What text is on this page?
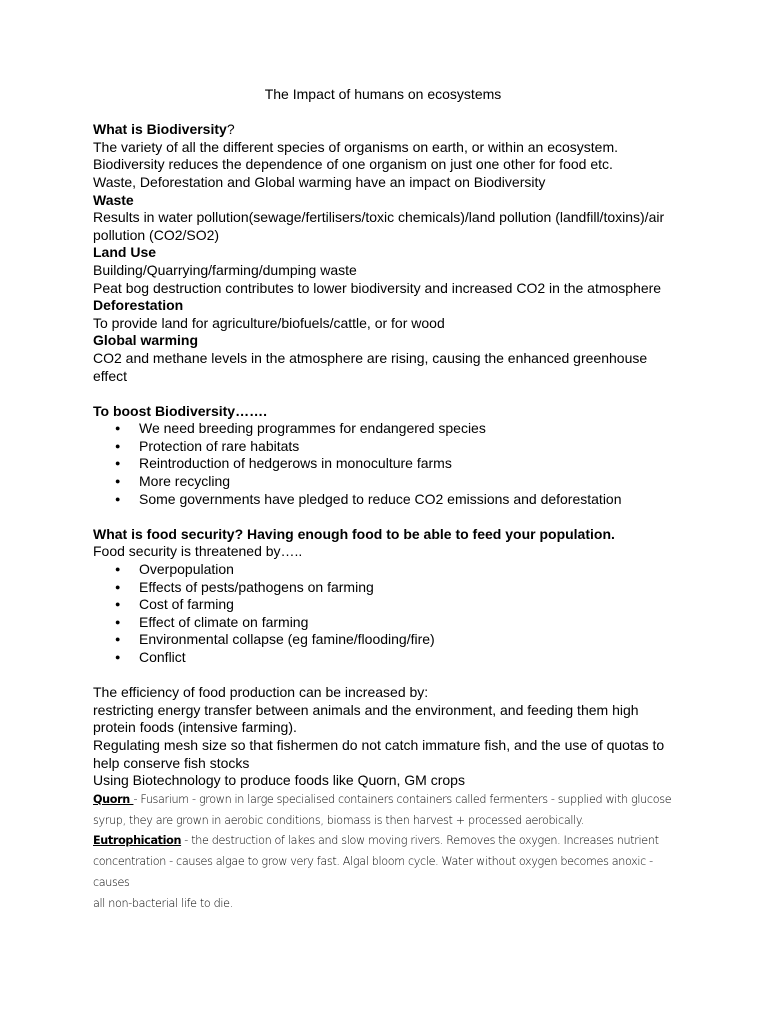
The Impact of humans on ecosystems
What is Biodiversity?
The variety of all the different species of organisms on earth, or within an ecosystem.
Biodiversity reduces the dependence of one organism on just one other for food etc.
Waste, Deforestation and Global warming have an impact on Biodiversity
Waste
Results in water pollution(sewage/fertilisers/toxic chemicals)/land pollution (landfill/toxins)/air
pollution (CO2/SO2)
Land Use
Building/Quarrying/farming/dumping waste
Peat bog destruction contributes to lower biodiversity and increased CO2 in the atmosphere
Deforestation
To provide land for agriculture/biofuels/cattle, or for wood
Global warming
CO2 and methane levels in the atmosphere are rising, causing the enhanced greenhouse
effect
To boost Biodiversity…….
● We need breeding programmes for endangered species
● Protection of rare habitats
● Reintroduction of hedgerows in monoculture farms
● More recycling
● Some governments have pledged to reduce CO2 emissions and deforestation
What is food security? Having enough food to be able to feed your population.
Food security is threatened by…..
● Overpopulation
● Effects of pests/pathogens on farming
● Cost of farming
● Effect of climate on farming
● Environmental collapse (eg famine/flooding/fire)
● Conflict
The efficiency of food production can be increased by:
restricting energy transfer between animals and the environment, and feeding them high
protein foods (intensive farming).
Regulating mesh size so that fishermen do not catch immature fish, and the use of quotas to
help conserve fish stocks
Using Biotechnology to produce foods like Quorn, GM crops
Quorn - Fusarium - grown in large specialised containers containers called fermenters - supplied with glucose
syrup, they are grown in aerobic conditions, biomass is then harvest + processed aerobically.
Eutrophication - the destruction of lakes and slow moving rivers. Removes the oxygen. Increases nutrient
concentration - causes algae to grow very fast. Algal bloom cycle. Water without oxygen becomes anoxic - causes
all non-bacterial life to die.
